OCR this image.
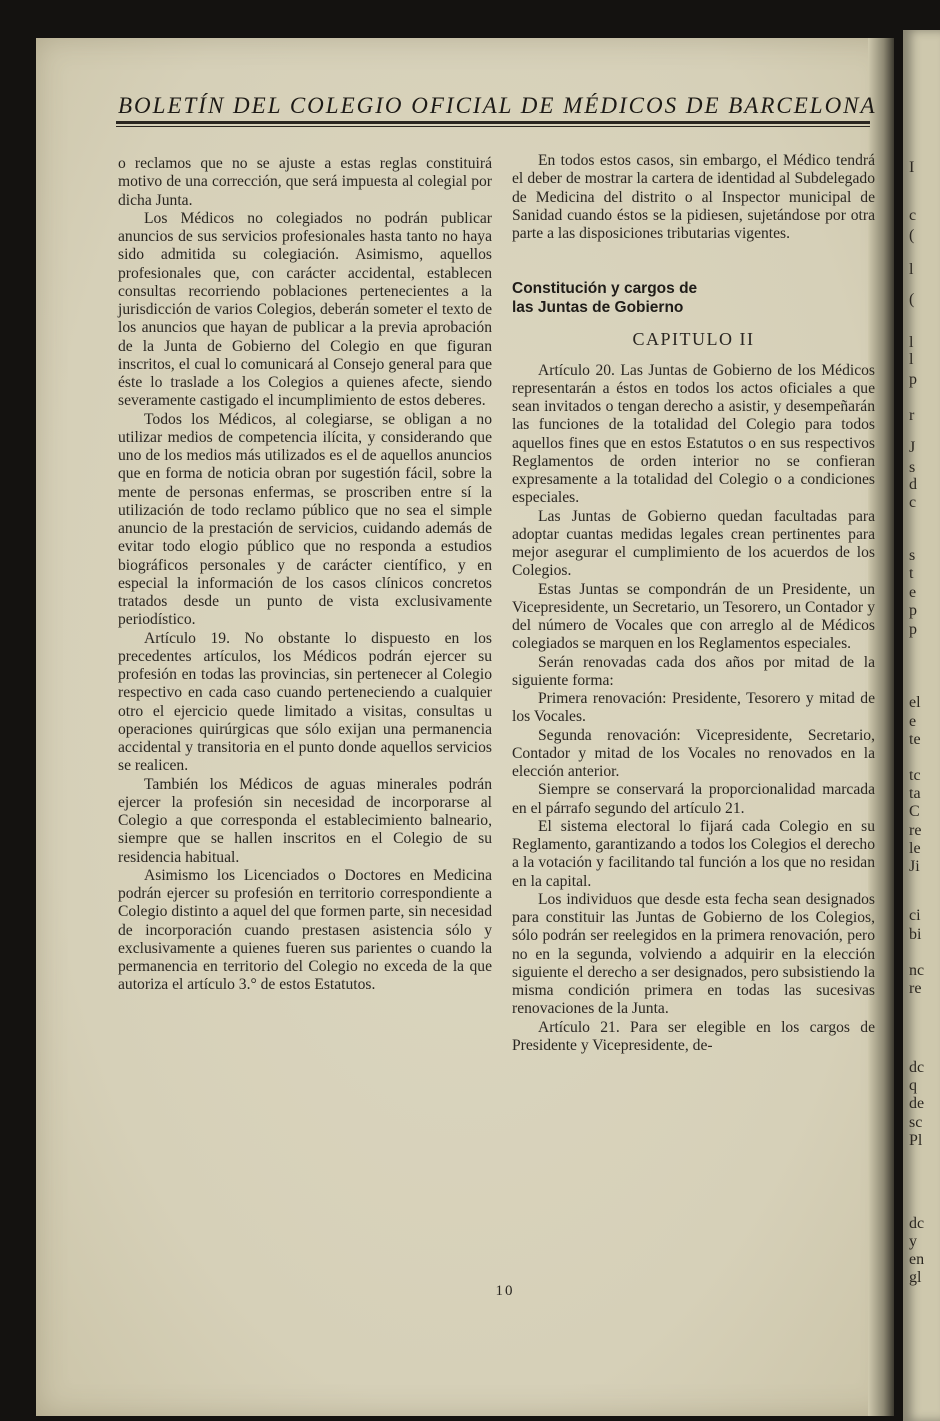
I
c
(
l
(
l
l
p
r
J
s
d
c
s
t
e
p
p
el
e
te
tc
ta
C
re
le
Ji
ci
bi
nc
re
dc
q
de
sc
Pl
dc
y
en
gl
BOLETÍN DEL COLEGIO OFICIAL DE MÉDICOS DE BARCELONA

o reclamos que no se ajuste a estas reglas constituirá motivo de una corrección, que será impuesta al colegial por dicha Junta.

Los Médicos no colegiados no podrán publicar anuncios de sus servicios profesionales hasta tanto no haya sido admitida su colegiación. Asimismo, aquellos profesionales que, con carácter accidental, establecen consultas recorriendo poblaciones pertenecientes a la jurisdicción de varios Colegios, deberán someter el texto de los anuncios que hayan de publicar a la previa aprobación de la Junta de Gobierno del Colegio en que figuran inscritos, el cual lo comunicará al Consejo general para que éste lo traslade a los Colegios a quienes afecte, siendo severamente castigado el incumplimiento de estos deberes.

Todos los Médicos, al colegiarse, se obligan a no utilizar medios de competencia ilícita, y considerando que uno de los medios más utilizados es el de aquellos anuncios que en forma de noticia obran por sugestión fácil, sobre la mente de personas enfermas, se proscriben entre sí la utilización de todo reclamo público que no sea el simple anuncio de la prestación de servicios, cuidando además de evitar todo elogio público que no responda a estudios biográficos personales y de carácter científico, y en especial la información de los casos clínicos concretos tratados desde un punto de vista exclusivamente periodístico.

Artículo 19. No obstante lo dispuesto en los precedentes artículos, los Médicos podrán ejercer su profesión en todas las provincias, sin pertenecer al Colegio respectivo en cada caso cuando perteneciendo a cualquier otro el ejercicio quede limitado a visitas, consultas u operaciones quirúrgicas que sólo exijan una permanencia accidental y transitoria en el punto donde aquellos servicios se realicen.

También los Médicos de aguas minerales podrán ejercer la profesión sin necesidad de incorporarse al Colegio a que corresponda el establecimiento balneario, siempre que se hallen inscritos en el Colegio de su residencia habitual.

Asimismo los Licenciados o Doctores en Medicina podrán ejercer su profesión en territorio correspondiente a Colegio distinto a aquel del que formen parte, sin necesidad de incorporación cuando prestasen asistencia sólo y exclusivamente a quienes fueren sus parientes o cuando la permanencia en territorio del Colegio no exceda de la que autoriza el artículo 3.° de estos Estatutos.

En todos estos casos, sin embargo, el Médico tendrá el deber de mostrar la cartera de identidad al Subdelegado de Medicina del distrito o al Inspector municipal de Sanidad cuando éstos se la pidiesen, sujetándose por otra parte a las disposiciones tributarias vigentes.

Constitución y cargos de
las Juntas de Gobierno
CAPITULO II

Artículo 20. Las Juntas de Gobierno de los Médicos representarán a éstos en todos los actos oficiales a que sean invitados o tengan derecho a asistir, y desempeñarán las funciones de la totalidad del Colegio para todos aquellos fines que en estos Estatutos o en sus respectivos Reglamentos de orden interior no se confieran expresamente a la totalidad del Colegio o a condiciones especiales.

Las Juntas de Gobierno quedan facultadas para adoptar cuantas medidas legales crean pertinentes para mejor asegurar el cumplimiento de los acuerdos de los Colegios.

Estas Juntas se compondrán de un Presidente, un Vicepresidente, un Secretario, un Tesorero, un Contador y del número de Vocales que con arreglo al de Médicos colegiados se marquen en los Reglamentos especiales.

Serán renovadas cada dos años por mitad de la siguiente forma:

Primera renovación: Presidente, Tesorero y mitad de los Vocales.

Segunda renovación: Vicepresidente, Secretario, Contador y mitad de los Vocales no renovados en la elección anterior.

Siempre se conservará la proporcionalidad marcada en el párrafo segundo del artículo 21.

El sistema electoral lo fijará cada Colegio en su Reglamento, garantizando a todos los Colegios el derecho a la votación y facilitando tal función a los que no residan en la capital.

Los individuos que desde esta fecha sean designados para constituir las Juntas de Gobierno de los Colegios, sólo podrán ser reelegidos en la primera renovación, pero no en la segunda, volviendo a adquirir en la elección siguiente el derecho a ser designados, pero subsistiendo la misma condición primera en todas las sucesivas renovaciones de la Junta.

Artículo 21. Para ser elegible en los cargos de Presidente y Vicepresidente, de-

10
